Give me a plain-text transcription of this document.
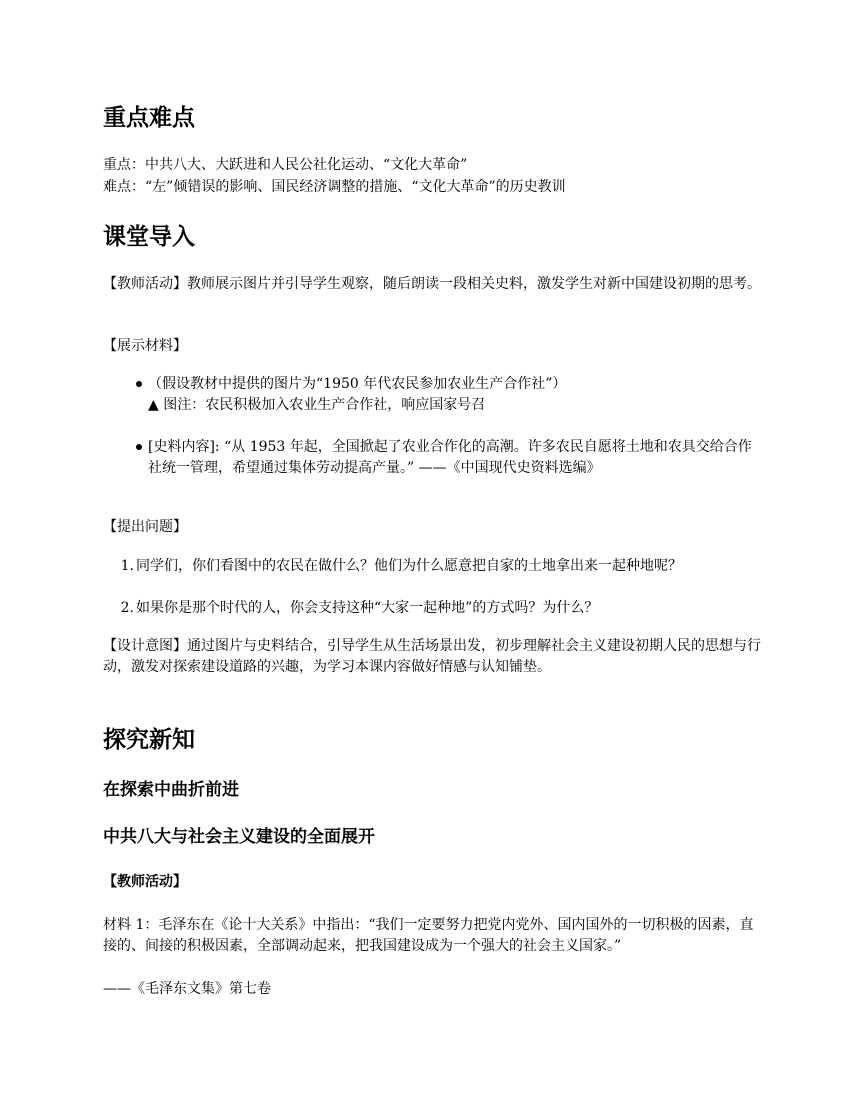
重点难点
重点：中共八大、大跃进和人民公社化运动、“文化大革命”
难点：“左”倾错误的影响、国民经济调整的措施、“文化大革命”的历史教训
课堂导入
【教师活动】教师展示图片并引导学生观察，随后朗读一段相关史料，激发学生对新中国建设初期的思考。
【展示材料】
（假设教材中提供的图片为“1950 年代农民参加农业生产合作社”）
▲ 图注：农民积极加入农业生产合作社，响应国家号召
[史料内容]: “从 1953 年起，全国掀起了农业合作化的高潮。许多农民自愿将土地和农具交给合作社统一管理，希望通过集体劳动提高产量。” ——《中国现代史资料选编》
【提出问题】
1. 同学们，你们看图中的农民在做什么？他们为什么愿意把自家的土地拿出来一起种地呢？
2. 如果你是那个时代的人，你会支持这种“大家一起种地”的方式吗？为什么？
【设计意图】通过图片与史料结合，引导学生从生活场景出发，初步理解社会主义建设初期人民的思想与行动，激发对探索建设道路的兴趣，为学习本课内容做好情感与认知铺垫。
探究新知
在探索中曲折前进
中共八大与社会主义建设的全面展开
【教师活动】
材料 1：毛泽东在《论十大关系》中指出：“我们一定要努力把党内党外、国内国外的一切积极的因素，直接的、间接的积极因素，全部调动起来，把我国建设成为一个强大的社会主义国家。”
——《毛泽东文集》第七卷
